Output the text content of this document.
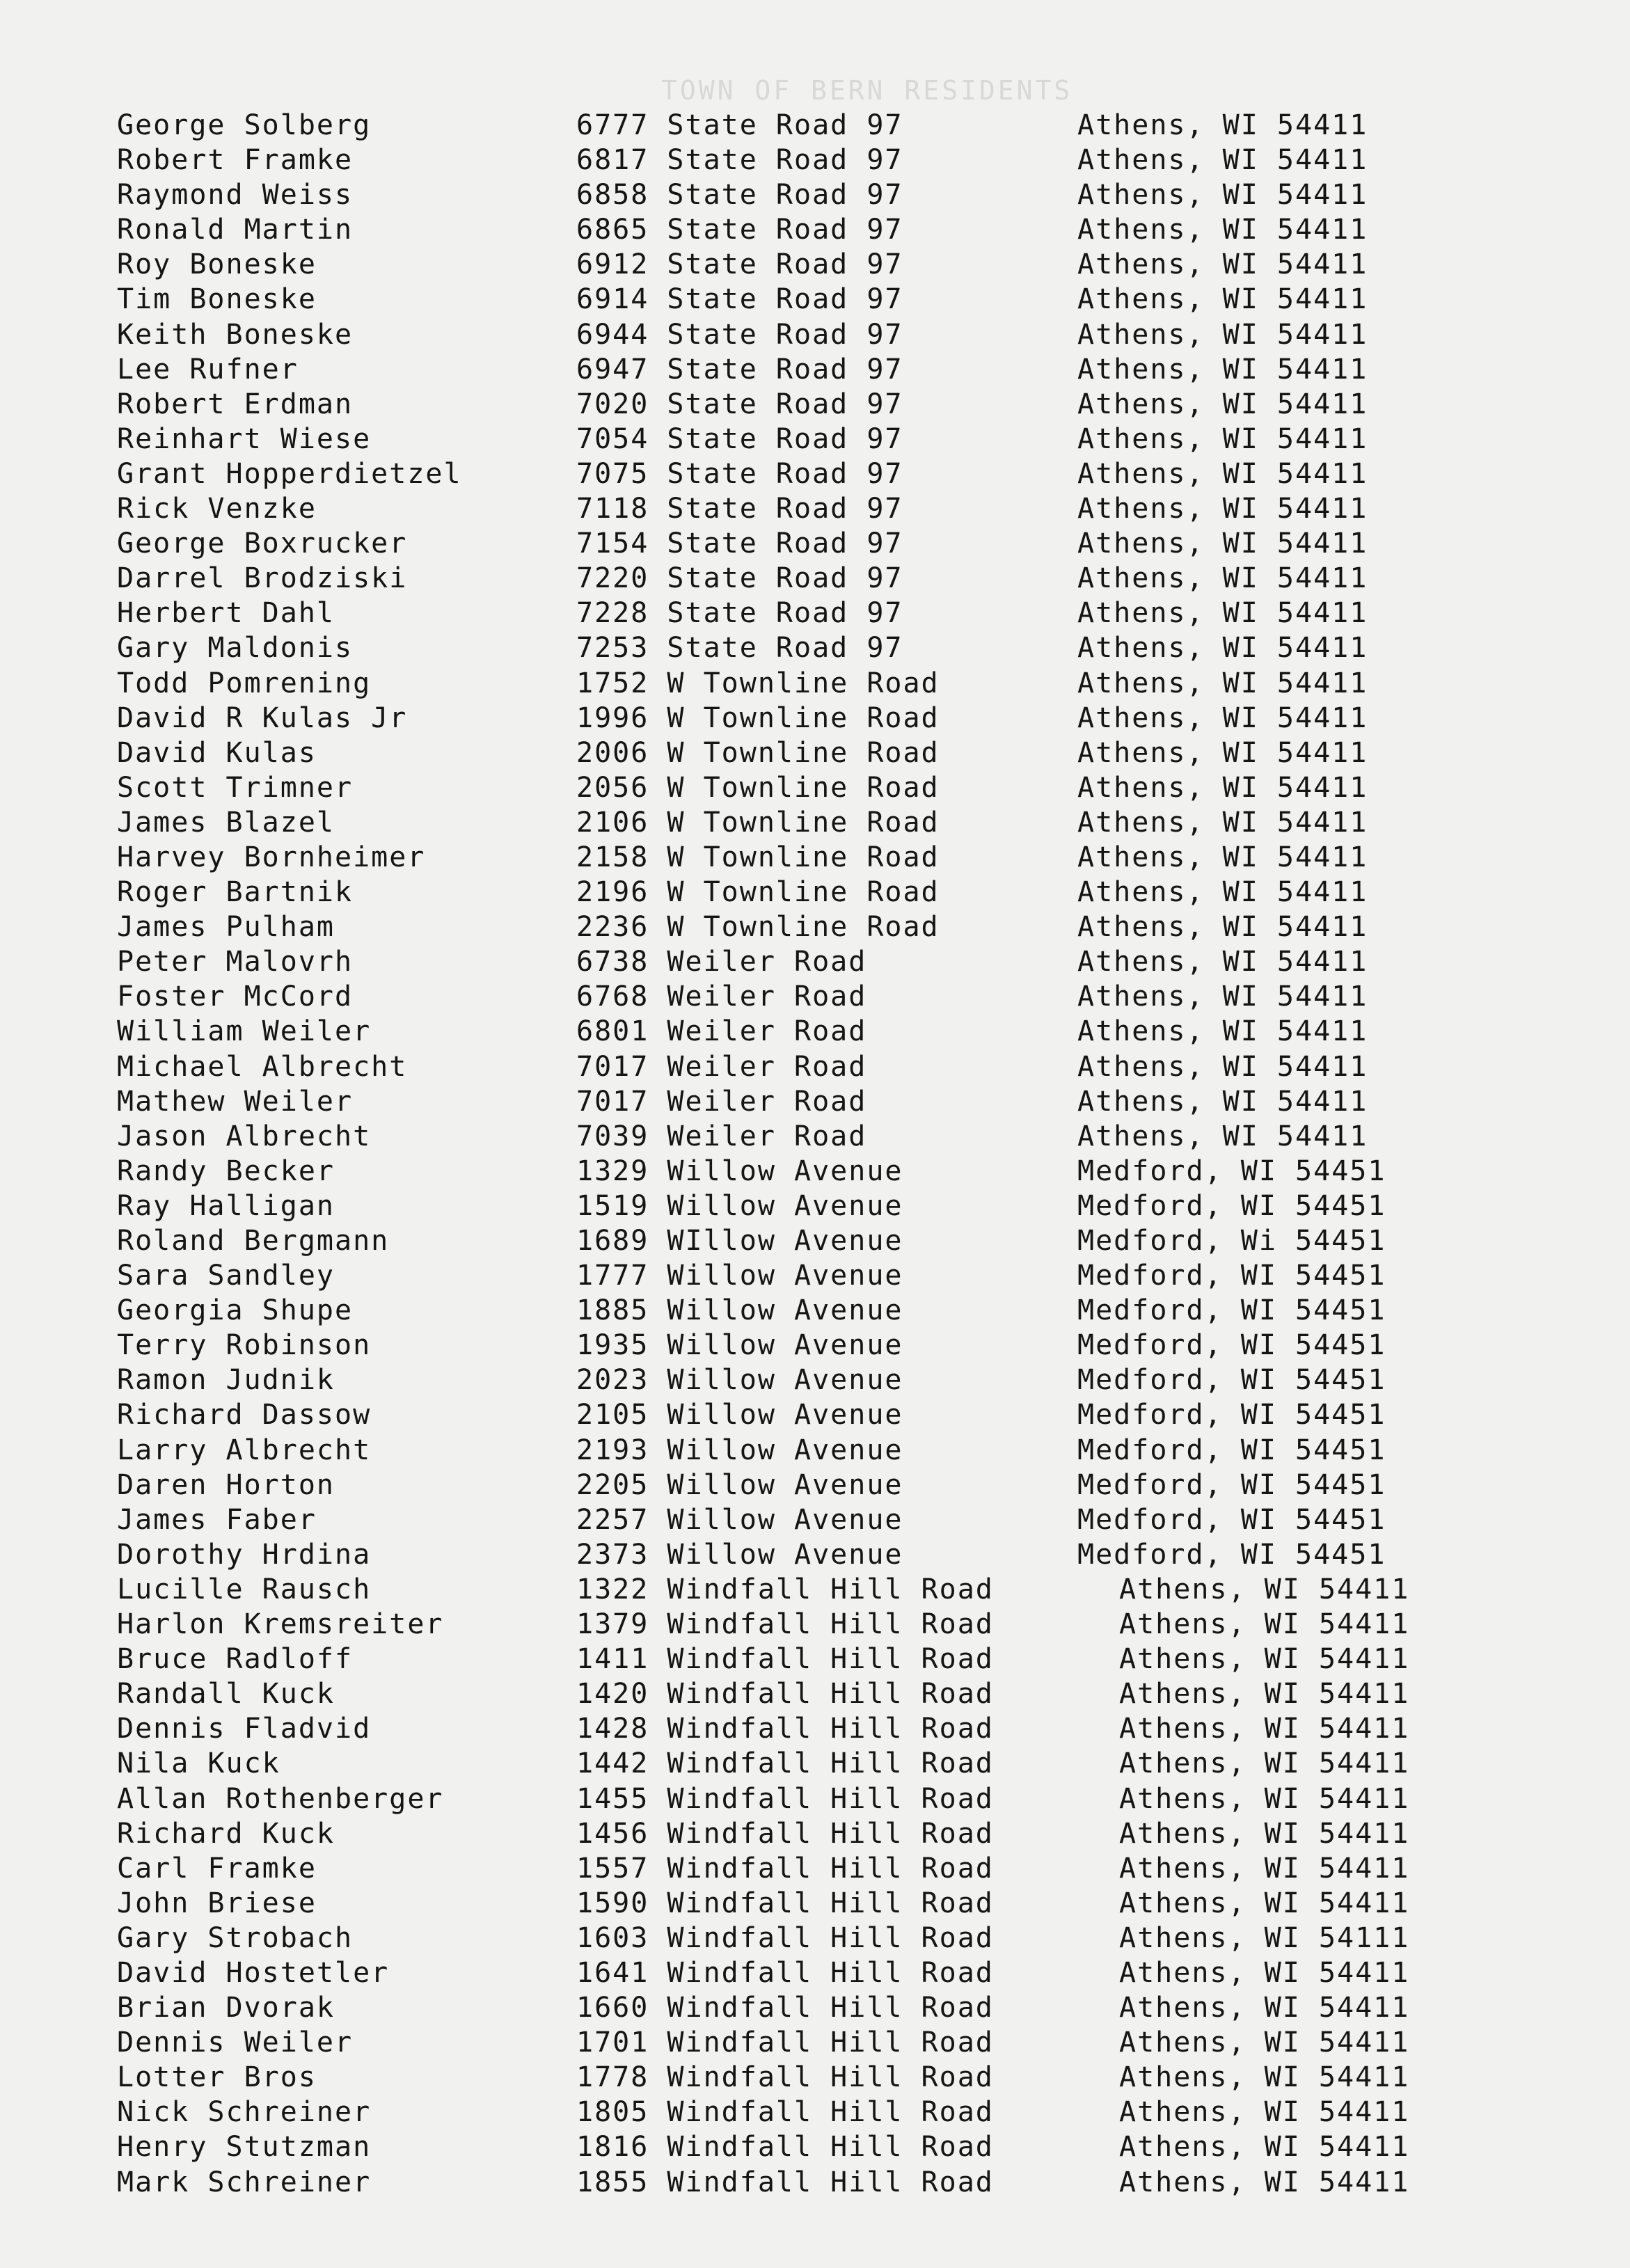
TOWN OF BERN RESIDENTS
George Solberg	6777 State Road 97	Athens, WI 54411
Robert Framke	6817 State Road 97	Athens, WI 54411
Raymond Weiss	6858 State Road 97	Athens, WI 54411
Ronald Martin	6865 State Road 97	Athens, WI 54411
Roy Boneske	6912 State Road 97	Athens, WI 54411
Tim Boneske	6914 State Road 97	Athens, WI 54411
Keith Boneske	6944 State Road 97	Athens, WI 54411
Lee Rufner	6947 State Road 97	Athens, WI 54411
Robert Erdman	7020 State Road 97	Athens, WI 54411
Reinhart Wiese	7054 State Road 97	Athens, WI 54411
Grant Hopperdietzel	7075 State Road 97	Athens, WI 54411
Rick Venzke	7118 State Road 97	Athens, WI 54411
George Boxrucker	7154 State Road 97	Athens, WI 54411
Darrel Brodziski	7220 State Road 97	Athens, WI 54411
Herbert Dahl	7228 State Road 97	Athens, WI 54411
Gary Maldonis	7253 State Road 97	Athens, WI 54411
Todd Pomrening	1752 W Townline Road	Athens, WI 54411
David R Kulas Jr	1996 W Townline Road	Athens, WI 54411
David Kulas	2006 W Townline Road	Athens, WI 54411
Scott Trimner	2056 W Townline Road	Athens, WI 54411
James Blazel	2106 W Townline Road	Athens, WI 54411
Harvey Bornheimer	2158 W Townline Road	Athens, WI 54411
Roger Bartnik	2196 W Townline Road	Athens, WI 54411
James Pulham	2236 W Townline Road	Athens, WI 54411
Peter Malovrh	6738 Weiler Road	Athens, WI 54411
Foster McCord	6768 Weiler Road	Athens, WI 54411
William Weiler	6801 Weiler Road	Athens, WI 54411
Michael Albrecht	7017 Weiler Road	Athens, WI 54411
Mathew Weiler	7017 Weiler Road	Athens, WI 54411
Jason Albrecht	7039 Weiler Road	Athens, WI 54411
Randy Becker	1329 Willow Avenue	Medford, WI 54451
Ray Halligan	1519 Willow Avenue	Medford, WI 54451
Roland Bergmann	1689 WIllow Avenue	Medford, Wi 54451
Sara Sandley	1777 Willow Avenue	Medford, WI 54451
Georgia Shupe	1885 Willow Avenue	Medford, WI 54451
Terry Robinson	1935 Willow Avenue	Medford, WI 54451
Ramon Judnik	2023 Willow Avenue	Medford, WI 54451
Richard Dassow	2105 Willow Avenue	Medford, WI 54451
Larry Albrecht	2193 Willow Avenue	Medford, WI 54451
Daren Horton	2205 Willow Avenue	Medford, WI 54451
James Faber	2257 Willow Avenue	Medford, WI 54451
Dorothy Hrdina	2373 Willow Avenue	Medford, WI 54451
Lucille Rausch	1322 Windfall Hill Road	Athens, WI 54411
Harlon Kremsreiter	1379 Windfall Hill Road	Athens, WI 54411
Bruce Radloff	1411 Windfall Hill Road	Athens, WI 54411
Randall Kuck	1420 Windfall Hill Road	Athens, WI 54411
Dennis Fladvid	1428 Windfall Hill Road	Athens, WI 54411
Nila Kuck	1442 Windfall Hill Road	Athens, WI 54411
Allan Rothenberger	1455 Windfall Hill Road	Athens, WI 54411
Richard Kuck	1456 Windfall Hill Road	Athens, WI 54411
Carl Framke	1557 Windfall Hill Road	Athens, WI 54411
John Briese	1590 Windfall Hill Road	Athens, WI 54411
Gary Strobach	1603 Windfall Hill Road	Athens, WI 54111
David Hostetler	1641 Windfall Hill Road	Athens, WI 54411
Brian Dvorak	1660 Windfall Hill Road	Athens, WI 54411
Dennis Weiler	1701 Windfall Hill Road	Athens, WI 54411
Lotter Bros	1778 Windfall Hill Road	Athens, WI 54411
Nick Schreiner	1805 Windfall Hill Road	Athens, WI 54411
Henry Stutzman	1816 Windfall Hill Road	Athens, WI 54411
Mark Schreiner	1855 Windfall Hill Road	Athens, WI 54411
